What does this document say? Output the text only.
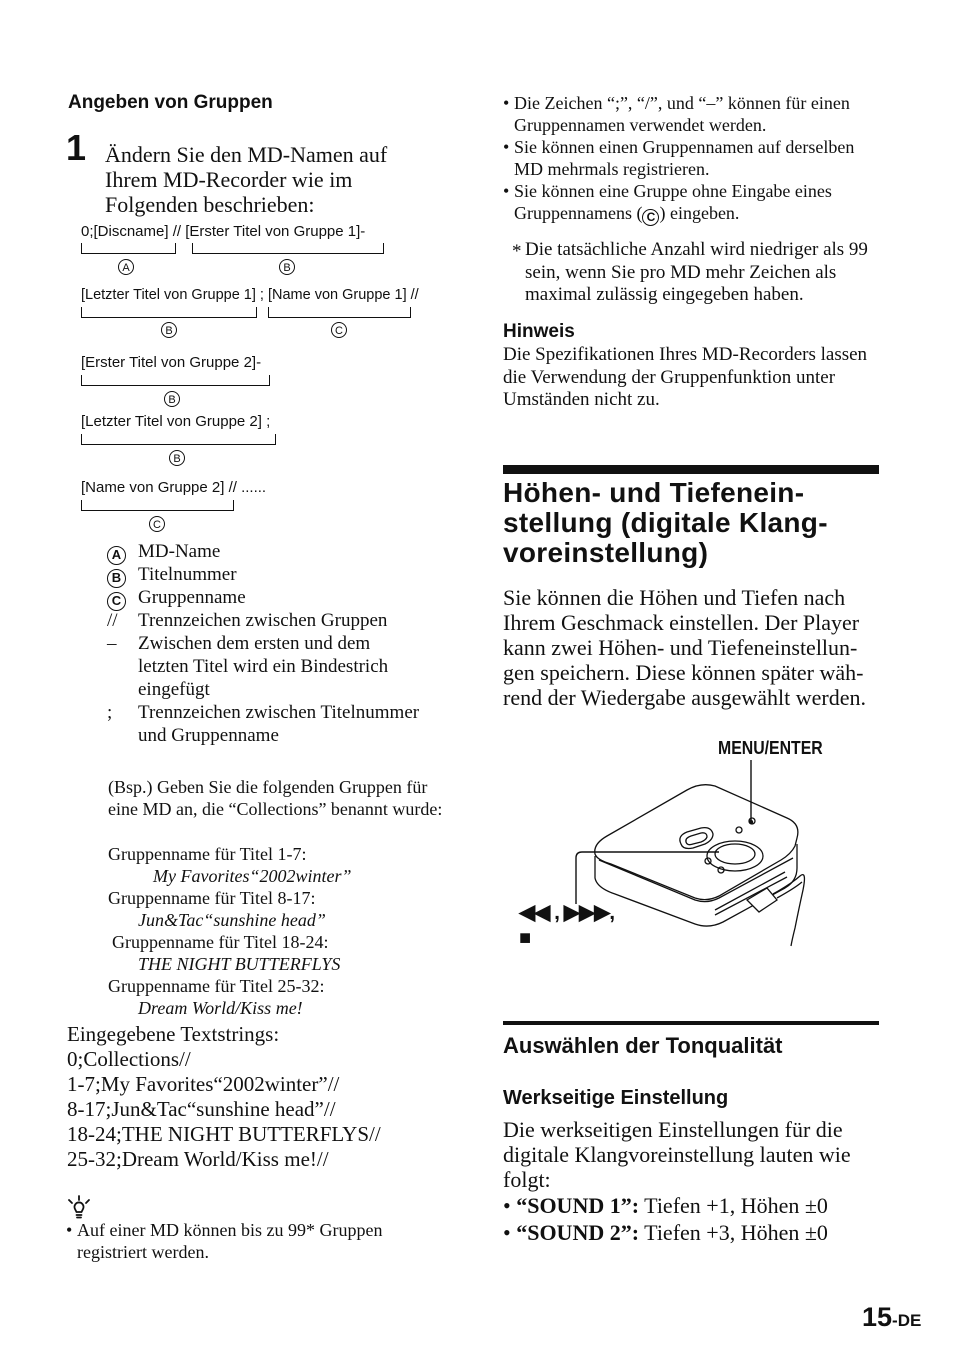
Angeben von Gruppen
1 Ändern Sie den MD-Namen auf Ihrem MD-Recorder wie im Folgenden beschrieben:
0;[Discname] // [Erster Titel von Gruppe 1]-
A	B
[Letzter Titel von Gruppe 1] ; [Name von Gruppe 1] //
B	C
[Erster Titel von Gruppe 2]-
B
[Letzter Titel von Gruppe 2] ;
B
[Name von Gruppe 2] // ......
C
A MD-Name
B Titelnummer
C Gruppenname
//	Trennzeichen zwischen Gruppen
–	Zwischen dem ersten und dem letzten Titel wird ein Bindestrich eingefügt
;	Trennzeichen zwischen Titelnummer und Gruppenname
(Bsp.) Geben Sie die folgenden Gruppen für eine MD an, die “Collections” benannt wurde:
Gruppenname für Titel 1-7:
My Favorites“2002winter”
Gruppenname für Titel 8-17:
Jun&Tac“sunshine head”
Gruppenname für Titel 18-24:
THE NIGHT BUTTERFLYS
Gruppenname für Titel 25-32:
Dream World/Kiss me!
Eingegebene Textstrings:
0;Collections//
1-7;My Favorites“2002winter”//
8-17;Jun&Tac“sunshine head”//
18-24;THE NIGHT BUTTERFLYS//
25-32;Dream World/Kiss me!//
• Auf einer MD können bis zu 99* Gruppen registriert werden.
• Die Zeichen “;”, “/”, und “–” können für einen Gruppennamen verwendet werden.
• Sie können einen Gruppennamen auf derselben MD mehrmals registrieren.
• Sie können eine Gruppe ohne Eingabe eines Gruppennamens ( C ) eingeben.
* Die tatsächliche Anzahl wird niedriger als 99 sein, wenn Sie pro MD mehr Zeichen als maximal zulässig eingegeben haben.
Hinweis
Die Spezifikationen Ihres MD-Recorders lassen die Verwendung der Gruppenfunktion unter Umständen nicht zu.
Höhen- und Tiefenein-
stellung (digitale Klang-
voreinstellung)
Sie können die Höhen und Tiefen nach Ihrem Geschmack einstellen. Der Player kann zwei Höhen- und Tiefeneinstellun-gen speichern. Diese können später wäh-rend der Wiedergabe ausgewählt werden.
MENU/ENTER
◀◀ , ▶▶▶,
■
Auswählen der Tonqualität
Werkseitige Einstellung
Die werkseitigen Einstellungen für die digitale Klangvoreinstellung lauten wie folgt:
• “SOUND 1”: Tiefen +1, Höhen ±0
• “SOUND 2”: Tiefen +3, Höhen ±0
15-DE
